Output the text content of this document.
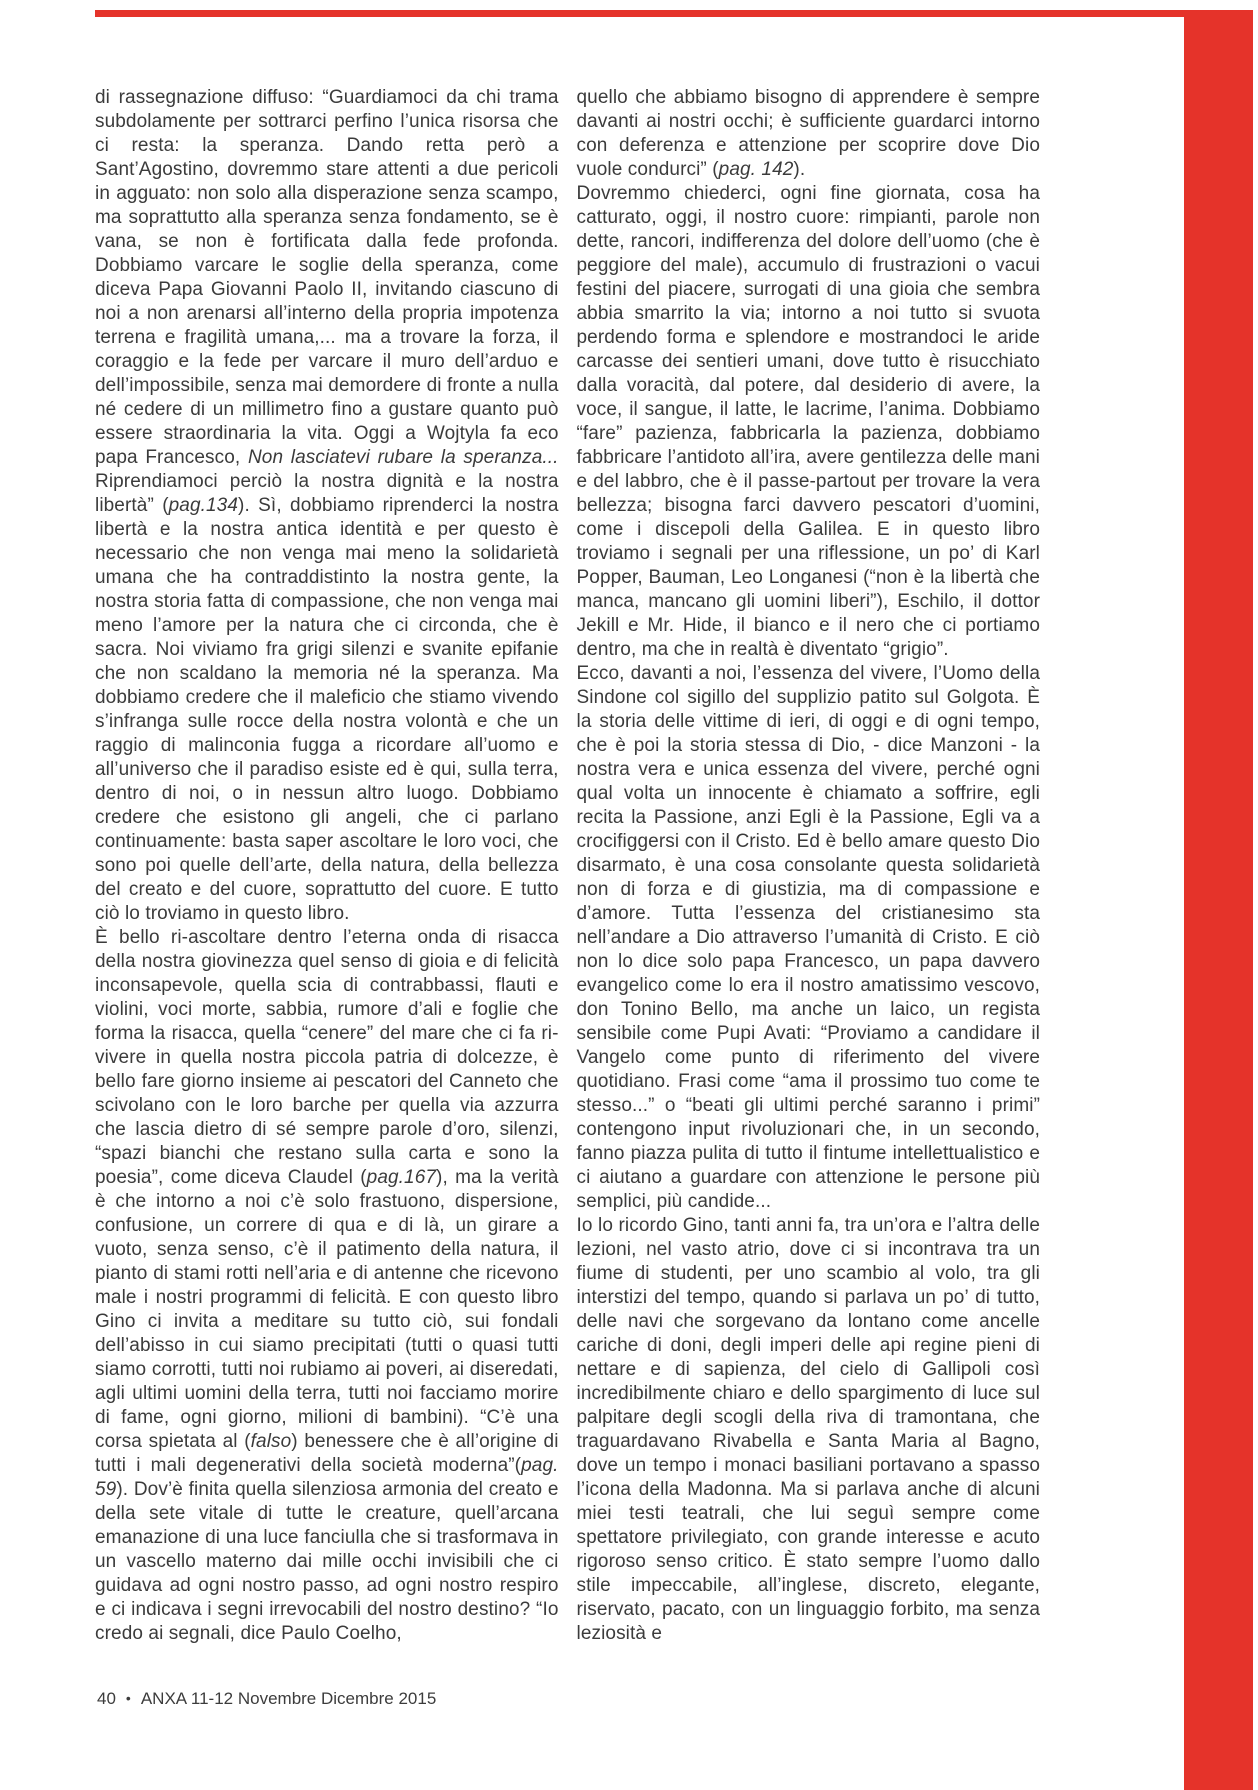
di rassegnazione diffuso: “Guardiamoci da chi trama subdolamente per sottrarci perfino l’unica risorsa che ci resta: la speranza. Dando retta però a Sant’Agostino, dovremmo stare attenti a due pericoli in agguato: non solo alla disperazione senza scampo, ma soprattutto alla speranza senza fondamento, se è vana, se non è fortificata dalla fede profonda. Dobbiamo varcare le soglie della speranza, come diceva Papa Giovanni Paolo II, invitando ciascuno di noi a non arenarsi all’interno della propria impotenza terrena e fragilità umana,... ma a trovare la forza, il coraggio e la fede per varcare il muro dell’arduo e dell’impossibile, senza mai demordere di fronte a nulla né cedere di un millimetro fino a gustare quanto può essere straordinaria la vita. Oggi a Wojtyla fa eco papa Francesco, Non lasciatevi rubare la speranza... Riprendiamoci perciò la nostra dignità e la nostra libertà” (pag.134). Sì, dobbiamo riprenderci la nostra libertà e la nostra antica identità e per questo è necessario che non venga mai meno la solidarietà umana che ha contraddistinto la nostra gente, la nostra storia fatta di compassione, che non venga mai meno l’amore per la natura che ci circonda, che è sacra. Noi viviamo fra grigi silenzi e svanite epifanie che non scaldano la memoria né la speranza. Ma dobbiamo credere che il maleficio che stiamo vivendo s’infranga sulle rocce della nostra volontà e che un raggio di malinconia fugga a ricordare all’uomo e all’universo che il paradiso esiste ed è qui, sulla terra, dentro di noi, o in nessun altro luogo. Dobbiamo credere che esistono gli angeli, che ci parlano continuamente: basta saper ascoltare le loro voci, che sono poi quelle dell’arte, della natura, della bellezza del creato e del cuore, soprattutto del cuore. E tutto ciò lo troviamo in questo libro.
È bello ri-ascoltare dentro l’eterna onda di risacca della nostra giovinezza quel senso di gioia e di felicità inconsapevole, quella scia di contrabbassi, flauti e violini, voci morte, sabbia, rumore d’ali e foglie che forma la risacca, quella “cenere” del mare che ci fa ri-vivere in quella nostra piccola patria di dolcezze, è bello fare giorno insieme ai pescatori del Canneto che scivolano con le loro barche per quella via azzurra che lascia dietro di sé sempre parole d’oro, silenzi, “spazi bianchi che restano sulla carta e sono la poesia”, come diceva Claudel (pag.167), ma la verità è che intorno a noi c’è solo frastuono, dispersione, confusione, un correre di qua e di là, un girare a vuoto, senza senso, c’è il patimento della natura, il pianto di stami rotti nell’aria e di antenne che ricevono male i nostri programmi di felicità. E con questo libro Gino ci invita a meditare su tutto ciò, sui fondali dell’abisso in cui siamo precipitati (tutti o quasi tutti siamo corrotti, tutti noi rubiamo ai poveri, ai diseredati, agli ultimi uomini della terra, tutti noi facciamo morire di fame, ogni giorno, milioni di bambini). “C’è una corsa spietata al (falso) benessere che è all’origine di tutti i mali degenerativi della società moderna”(pag. 59). Dov’è finita quella silenziosa armonia del creato e della sete vitale di tutte le creature, quell’arcana emanazione di una luce fanciulla che si trasformava in un vascello materno dai mille occhi invisibili che ci guidava ad ogni nostro passo, ad ogni nostro respiro e ci indicava i segni irrevocabili del nostro destino? “Io credo ai segnali, dice Paulo Coelho,
quello che abbiamo bisogno di apprendere è sempre davanti ai nostri occhi; è sufficiente guardarci intorno con deferenza e attenzione per scoprire dove Dio vuole condurci” (pag. 142).
Dovremmo chiederci, ogni fine giornata, cosa ha catturato, oggi, il nostro cuore: rimpianti, parole non dette, rancori, indifferenza del dolore dell’uomo (che è peggiore del male), accumulo di frustrazioni o vacui festini del piacere, surrogati di una gioia che sembra abbia smarrito la via; intorno a noi tutto si svuota perdendo forma e splendore e mostrandoci le aride carcasse dei sentieri umani, dove tutto è risucchiato dalla voracità, dal potere, dal desiderio di avere, la voce, il sangue, il latte, le lacrime, l’anima. Dobbiamo “fare” pazienza, fabbricarla la pazienza, dobbiamo fabbricare l’antidoto all’ira, avere gentilezza delle mani e del labbro, che è il passe-partout per trovare la vera bellezza; bisogna farci davvero pescatori d’uomini, come i discepoli della Galilea. E in questo libro troviamo i segnali per una riflessione, un po’ di Karl Popper, Bauman, Leo Longanesi (“non è la libertà che manca, mancano gli uomini liberi”), Eschilo, il dottor Jekill e Mr. Hide, il bianco e il nero che ci portiamo dentro, ma che in realtà è diventato “grigio”.
Ecco, davanti a noi, l’essenza del vivere, l’Uomo della Sindone col sigillo del supplizio patito sul Golgota. È la storia delle vittime di ieri, di oggi e di ogni tempo, che è poi la storia stessa di Dio, - dice Manzoni - la nostra vera e unica essenza del vivere, perché ogni qual volta un innocente è chiamato a soffrire, egli recita la Passione, anzi Egli è la Passione, Egli va a crocifiggersi con il Cristo. Ed è bello amare questo Dio disarmato, è una cosa consolante questa solidarietà non di forza e di giustizia, ma di compassione e d’amore. Tutta l’essenza del cristianesimo sta nell’andare a Dio attraverso l’umanità di Cristo. E ciò non lo dice solo papa Francesco, un papa davvero evangelico come lo era il nostro amatissimo vescovo, don Tonino Bello, ma anche un laico, un regista sensibile come Pupi Avati: “Proviamo a candidare il Vangelo come punto di riferimento del vivere quotidiano. Frasi come “ama il prossimo tuo come te stesso...” o “beati gli ultimi perché saranno i primi” contengono input rivoluzionari che, in un secondo, fanno piazza pulita di tutto il fintume intellettualistico e ci aiutano a guardare con attenzione le persone più semplici, più candide...
Io lo ricordo Gino, tanti anni fa, tra un’ora e l’altra delle lezioni, nel vasto atrio, dove ci si incontrava tra un fiume di studenti, per uno scambio al volo, tra gli interstizi del tempo, quando si parlava un po’ di tutto, delle navi che sorgevano da lontano come ancelle cariche di doni, degli imperi delle api regine pieni di nettare e di sapienza, del cielo di Gallipoli così incredibilmente chiaro e dello spargimento di luce sul palpitare degli scogli della riva di tramontana, che traguardavano Rivabella e Santa Maria al Bagno, dove un tempo i monaci basiliani portavano a spasso l’icona della Madonna. Ma si parlava anche di alcuni miei testi teatrali, che lui seguì sempre come spettatore privilegiato, con grande interesse e acuto rigoroso senso critico. È stato sempre l’uomo dallo stile impeccabile, all’inglese, discreto, elegante, riservato, pacato, con un linguaggio forbito, ma senza leziosità e
40 • ANXA 11-12 Novembre Dicembre 2015
